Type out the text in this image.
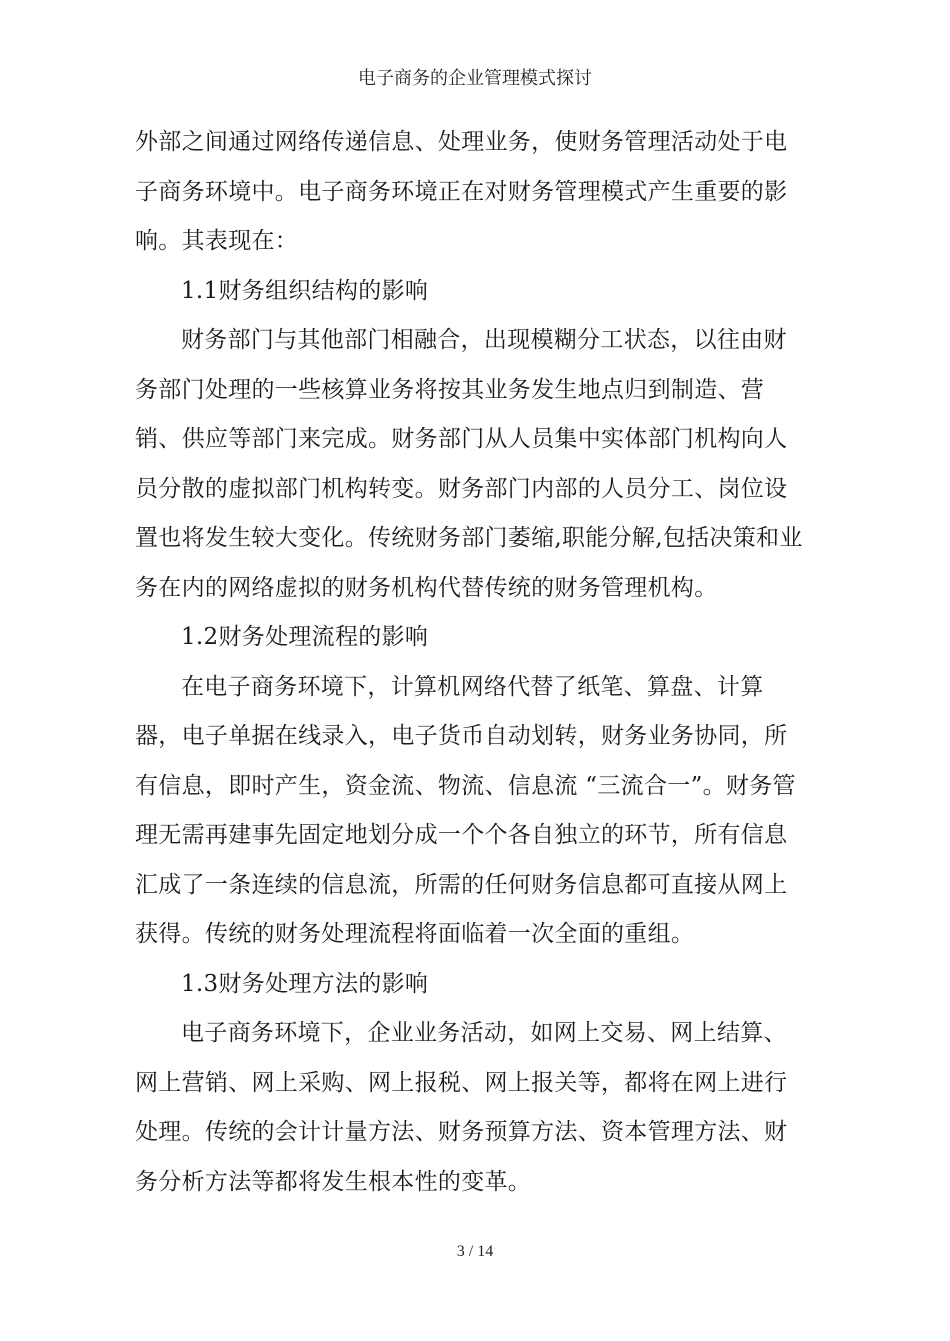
电子商务的企业管理模式探讨

外部之间通过网络传递信息、处理业务，使财务管理活动处于电子商务环境中。电子商务环境正在对财务管理模式产生重要的影响。其表现在：

1.1财务组织结构的影响

财务部门与其他部门相融合，出现模糊分工状态，以往由财务部门处理的一些核算业务将按其业务发生地点归到制造、营销、供应等部门来完成。财务部门从人员集中实体部门机构向人员分散的虚拟部门机构转变。财务部门内部的人员分工、岗位设置也将发生较大变化。传统财务部门萎缩,职能分解,包括决策和业务在内的网络虚拟的财务机构代替传统的财务管理机构。

1.2财务处理流程的影响

在电子商务环境下，计算机网络代替了纸笔、算盘、计算器，电子单据在线录入，电子货币自动划转，财务业务协同，所有信息，即时产生，资金流、物流、信息流 “三流合一”。财务管理无需再建事先固定地划分成一个个各自独立的环节，所有信息汇成了一条连续的信息流，所需的任何财务信息都可直接从网上获得。传统的财务处理流程将面临着一次全面的重组。

1.3财务处理方法的影响

电子商务环境下，企业业务活动，如网上交易、网上结算、网上营销、网上采购、网上报税、网上报关等，都将在网上进行处理。传统的会计计量方法、财务预算方法、资本管理方法、财务分析方法等都将发生根本性的变革。

3 / 14
